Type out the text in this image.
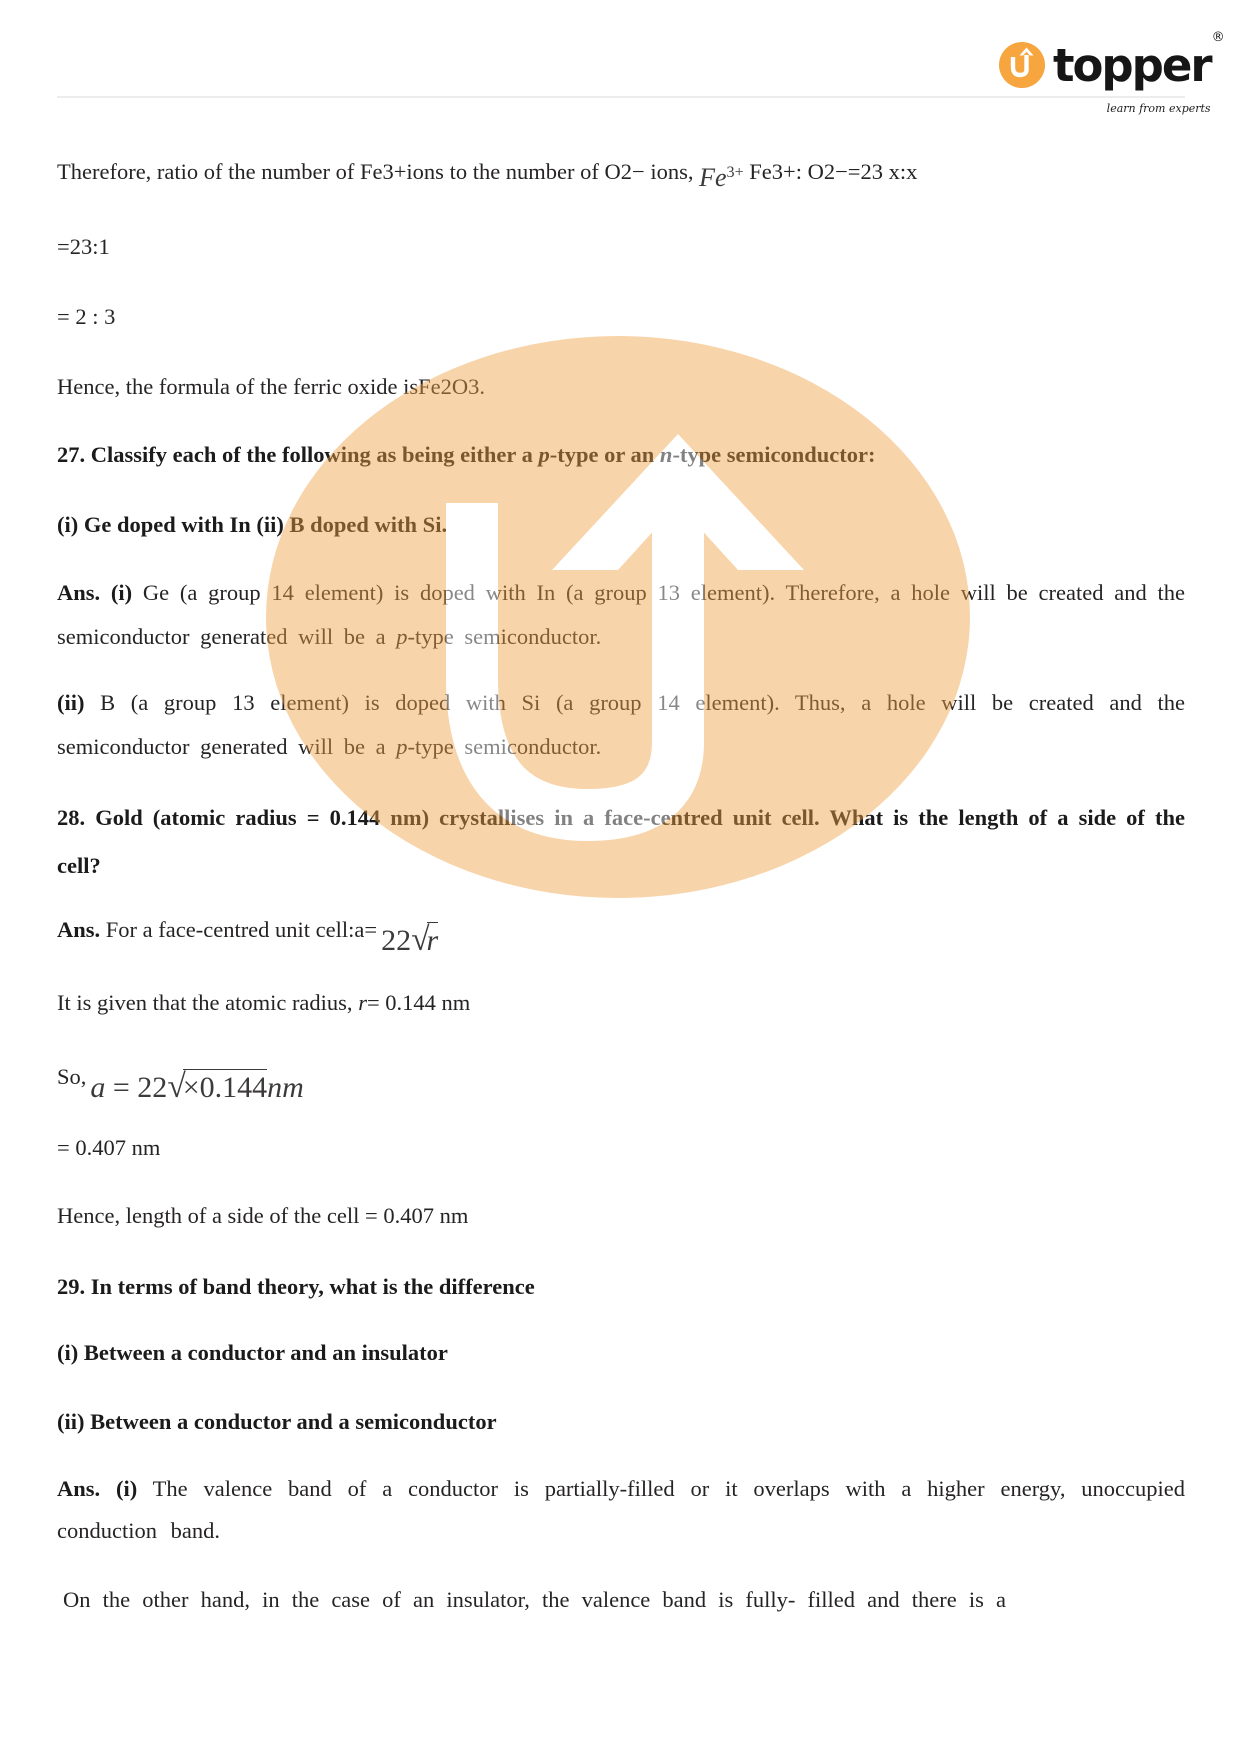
topper®
learn from experts
Therefore, ratio of the number of Fe3+ions to the number of O2− ions, $Fe^{3+}$ Fe3+: O2−=23 x:x
=23:1
= 2 : 3
Hence, the formula of the ferric oxide isFe2O3.
27. Classify each of the following as being either a p-type or an n-type semiconductor:
(i) Ge doped with In (ii) B doped with Si.
Ans. (i) Ge (a group 14 element) is doped with In (a group 13 element). Therefore, a hole will be created and the semiconductor generated will be a p-type semiconductor.
(ii) B (a group 13 element) is doped with Si (a group 14 element). Thus, a hole will be created and the semiconductor generated will be a p-type semiconductor.
28. Gold (atomic radius = 0.144 nm) crystallises in a face-centred unit cell. What is the length of a side of the cell?
Ans. For a face-centred unit cell:a= 22√r
It is given that the atomic radius, r= 0.144 nm
So, a = 22√×0.144nm
= 0.407 nm
Hence, length of a side of the cell = 0.407 nm
29. In terms of band theory, what is the difference
(i) Between a conductor and an insulator
(ii) Between a conductor and a semiconductor
Ans. (i) The valence band of a conductor is partially-filled or it overlaps with a higher energy, unoccupied conduction band.
On the other hand, in the case of an insulator, the valence band is fully- filled and there is a
